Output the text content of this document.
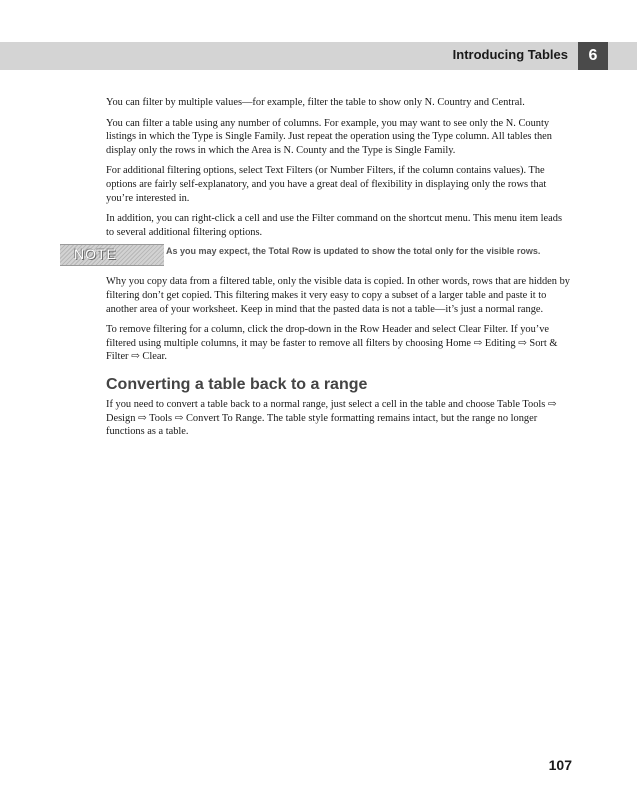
Introducing Tables	6

You can filter by multiple values—for example, filter the table to show only N. Country and Central.

You can filter a table using any number of columns. For example, you may want to see only the N. County listings in which the Type is Single Family. Just repeat the operation using the Type column. All tables then display only the rows in which the Area is N. County and the Type is Single Family.

For additional filtering options, select Text Filters (or Number Filters, if the column contains values). The options are fairly self-explanatory, and you have a great deal of flexibility in displaying only the rows that you’re interested in.

In addition, you can right-click a cell and use the Filter command on the shortcut menu. This menu item leads to several additional filtering options.

NOTE	As you may expect, the Total Row is updated to show the total only for the visible rows.

Why you copy data from a filtered table, only the visible data is copied. In other words, rows that are hidden by filtering don’t get copied. This filtering makes it very easy to copy a subset of a larger table and paste it to another area of your worksheet. Keep in mind that the pasted data is not a table—it’s just a normal range.

To remove filtering for a column, click the drop-down in the Row Header and select Clear Filter. If you’ve filtered using multiple columns, it may be faster to remove all filters by choosing Home ⇨ Editing ⇨ Sort & Filter ⇨ Clear.

Converting a table back to a range

If you need to convert a table back to a normal range, just select a cell in the table and choose Table Tools ⇨ Design ⇨ Tools ⇨ Convert To Range. The table style formatting remains intact, but the range no longer functions as a table.

107
